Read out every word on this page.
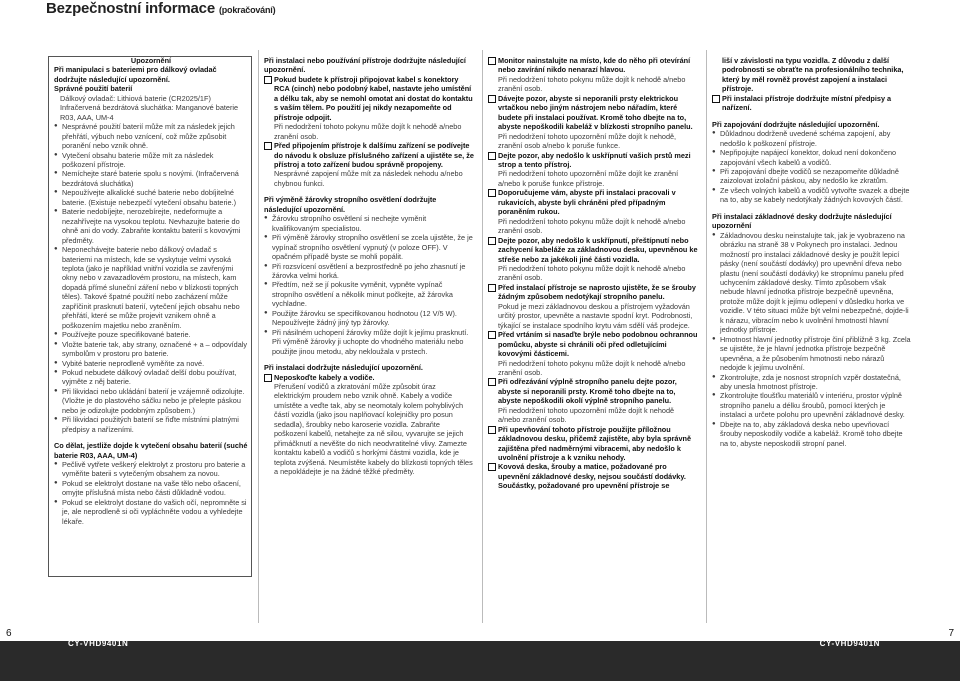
Bezpečnostní informace (pokračování)

Upozornění

Při manipulaci s bateriemi pro dálkový ovladač dodržujte následující upozornění.

Správné použití baterií

Dálkový ovladač: Lithiová baterie (CR2025/1F)

Infračervená bezdrátová sluchátka: Manganové baterie R03, AAA, UM-4

● Nesprávné použití baterií může mít za následek jejich přehřátí, výbuch nebo vznícení, což může způsobit poranění nebo vznik ohně.

● Vytečení obsahu baterie může mít za následek poškození přístroje.

● Nemíchejte staré baterie spolu s novými. (Infračervená bezdrátová sluchátka)

● Nepoužívejte alkalické suché baterie nebo dobíjitelné baterie. (Existuje nebezpečí vytečení obsahu baterie.)

● Baterie nedobíjejte, nerozebírejte, nedeformujte a nezahřívejte na vysokou teplotu. Nevhazujte baterie do ohně ani do vody. Zabraňte kontaktu baterií s kovovými předměty.

● Neponechávejte baterie nebo dálkový ovladač s bateriemi na místech, kde se vyskytuje velmi vysoká teplota (jako je například vnitřní vozidla se zavřenými okny nebo v zavazadlovém prostoru, na místech, kam dopadá přímé sluneční záření nebo v blízkosti topných těles). Takové špatné použití nebo zacházení může zapříčinit prasknutí baterií, vytečení jejich obsahu nebo přehřátí, které se může projevit vznikem ohně a poškozením majetku nebo zraněním.

● Používejte pouze specifikované baterie.

● Vložte baterie tak, aby strany, označené + a – odpovídaly symbolům v prostoru pro baterie.

● Vybité baterie neprodleně vyměňte za nové.

● Pokud nebudete dálkový ovladač delší dobu používat, vyjměte z něj baterie.

● Při likvidaci nebo ukládání baterií je vzájemně odizolujte. (Vložte je do plastového sáčku nebo je přelepte páskou nebo je odizolujte podobným způsobem.)

● Při likvidaci použitých baterií se řiďte místními platnými předpisy a nařízeními.

Co dělat, jestliže dojde k vytečení obsahu baterií (suché baterie R03, AAA, UM-4)

● Pečlivě vytřete veškerý elektrolyt z prostoru pro baterie a vyměňte baterii s vytečeným obsahem za novou.

● Pokud se elektrolyt dostane na vaše tělo nebo ošacení, omyjte příslušná místa nebo části důkladně vodou.

● Pokud se elektrolyt dostane do vašich očí, nepromněte si je, ale neprodleně si oči vypláchněte vodou a vyhledejte lékaře.

Při instalaci nebo používání přístroje dodržujte následující upozornění.

Pokud budete k přístroji připojovat kabel s konektory RCA (cinch) nebo podobný kabel, nastavte jeho umístění a délku tak, aby se nemohl omotat ani dostat do kontaktu s vaším tělem. Po použití jej nikdy nezapomeňte od přístroje odpojit.

Při nedodržení tohoto pokynu může dojít k nehodě a/nebo zranění osob.

Před připojením přístroje k dalšímu zařízení se podívejte do návodu k obsluze příslušného zařízení a ujistěte se, že přístroj a toto zařízení budou správně propojeny.

Nesprávné zapojení může mít za následek nehodu a/nebo chybnou funkci.

Při výměně žárovky stropního osvětlení dodržujte následující upozornění.

● Žárovku stropního osvětlení si nechejte vyměnit kvalifikovaným specialistou.

● Při výměně žárovky stropního osvětlení se zcela ujistěte, že je vypínač stropního osvětlení vypnutý (v poloze OFF). V opačném případě byste se mohli popálit.

● Při rozsvícení osvětlení a bezprostředně po jeho zhasnutí je žárovka velmi horká.

● Předtím, než se jí pokusíte vyměnit, vypněte vypínač stropního osvětlení a několik minut počkejte, až žárovka vychladne.

● Použijte žárovku se specifikovanou hodnotou (12 V/5 W). Nepoužívejte žádný jiný typ žárovky.

● Při násilném uchopení žárovky může dojít k jejímu prasknutí. Při výměně žárovky ji uchopte do vhodného materiálu nebo použijte jinou metodu, aby nekloužala v prstech.

Při instalaci dodržujte následující upozornění.

Neposkoďte kabely a vodiče.

Přerušení vodičů a zkratování může způsobit úraz elektrickým proudem nebo vznik ohně. Kabely a vodiče umístěte a veďte tak, aby se neomotaly kolem pohyblivých částí vozidla (jako jsou naplňovací kolejničky pro posun sedadla), šroubky nebo karoserie vozidla. Zabraňte poškození kabelů, netahejte za ně silou, vyvarujte se jejich přimáčknutí a nevěšte do nich neodvratitelné vlivy. Zamezte kontaktu kabelů a vodičů s horkými částmi vozidla, kde je teplota zvýšená. Neumístěte kabely do blízkosti topných těles a nepokládejte je na žádné těžké předměty.

Monitor nainstalujte na místo, kde do něho při otevírání nebo zavírání nikdo nenarazí hlavou.

Při nedodržení tohoto pokynu může dojít k nehodě a/nebo zranění osob.

Dávejte pozor, abyste si neporanili prsty elektrickou vrtačkou nebo jiným nástrojem nebo nářadím, které budete při instalaci používat. Kromě toho dbejte na to, abyste nepoškodili kabeláž v blízkosti stropního panelu.

Při nedodržení tohoto upozornění může dojít k nehodě, zranění osob a/nebo k poruše funkce.

Dejte pozor, aby nedošlo k uskřípnutí vašich prstů mezi strop a tento přístroj.

Při nedodržení tohoto upozornění může dojít ke zranění a/nebo k poruše funkce přístroje.

Doporučujeme vám, abyste při instalaci pracovali v rukavicích, abyste byli chráněni před případným poraněním rukou.

Při nedodržení tohoto pokynu může dojít k nehodě a/nebo zranění osob.

Dejte pozor, aby nedošlo k uskřípnutí, přeštípnutí nebo zachycení kabeláže za základnovou desku, upevněnou ke střeše nebo za jakékoli jiné části vozidla.

Při nedodržení tohoto pokynu může dojít k nehodě a/nebo zranění osob.

Před instalací přístroje se naprosto ujistěte, že se šrouby žádným způsobem nedotýkají stropního panelu.

Pokud je mezi základnovou deskou a přístrojem vyžadován určitý prostor, upevněte a nastavte spodní kryt. Podrobnosti, týkající se instalace spodního krytu vám sdělí váš prodejce.

Před vrtáním si nasaďte brýle nebo podobnou ochrannou pomůcku, abyste si chránili oči před odletujícími kovovými částicemi.

Při nedodržení tohoto pokynu může dojít k nehodě a/nebo zranění osob.

Při odřezávání výplně stropního panelu dejte pozor, abyste si neporanili prsty. Kromě toho dbejte na to, abyste nepoškodili okolí výplně stropního panelu.

Při nedodržení tohoto upozornění může dojít k nehodě a/nebo zranění osob.

Při upevňování tohoto přístroje použijte příložnou základnovou desku, přičemž zajistěte, aby byla správně zajištěna před nadměrnými vibracemi, aby nedošlo k uvolnění přístroje a k vzniku nehody.

Kovová deska, šrouby a matice, požadované pro upevnění základnové desky, nejsou součástí dodávky.

Součástky, požadované pro upevnění přístroje se

liší v závislosti na typu vozidla. Z důvodu z další podrobnosti se obraťte na profesionálního technika, který by měl rovněž provést zapojení a instalaci přístroje.

Při instalaci přístroje dodržujte místní předpisy a nařízení.

Při zapojování dodržujte následující upozornění.

● Důkladnou dodrženě uvedené schéma zapojení, aby nedošlo k poškození přístroje.

● Nepřipojujte napájecí konektor, dokud není dokončeno zapojování všech kabelů a vodičů.

● Při zapojování dbejte vodičů se nezapomeňte důkladně zaizolovat izolační páskou, aby nedošlo ke zkratům.

● Ze všech volných kabelů a vodičů vytvořte svazek a dbejte na to, aby se kabely nedotýkaly žádných kovových částí.

Při instalaci základnové desky dodržujte následující upozornění

● Základnovou desku neinstalujte tak, jak je vyobrazeno na obrázku na straně 38 v Pokynech pro instalaci. Jednou možností pro instalaci základnové desky je použít lepicí pásky (není součástí dodávky) pro upevnění dřeva nebo plastu (není součástí dodávky) ke stropnímu panelu před uchycením základové desky. Tímto způsobem však nebude hlavní jednotka přístroje bezpečně upevněna, protože může dojít k jejímu odlepení v důsledku horka ve vozidle. V této situaci může být velmi nebezpečné, dojde-li k nárazu, vibracím nebo k uvolnění hmotností hlavní jednotky přístroje.

● Hmotnost hlavní jednotky přístroje činí přibližně 3 kg. Zcela se ujistěte, že je hlavní jednotka přístroje bezpečně upevněna, a že působením hmotnosti nebo nárazů nedojde k jejímu uvolnění.

● Zkontrolujte, zda je nosnost stropních vzpěr dostatečná, aby unesla hmotnost přístroje.

● Zkontrolujte tloušťku materiálů v interiéru, prostor výplně stropního panelu a délku šroubů, pomocí kterých je instalaci a určete polohu pro upevnění základnové desky.

● Dbejte na to, aby základová deska nebo upevňovací šrouby neposkodily vodiče a kabeláž. Kromě toho dbejte na to, abyste neposkodili stropní panel.

6	7
CY-VHD9401N	CY-VHD9401N
